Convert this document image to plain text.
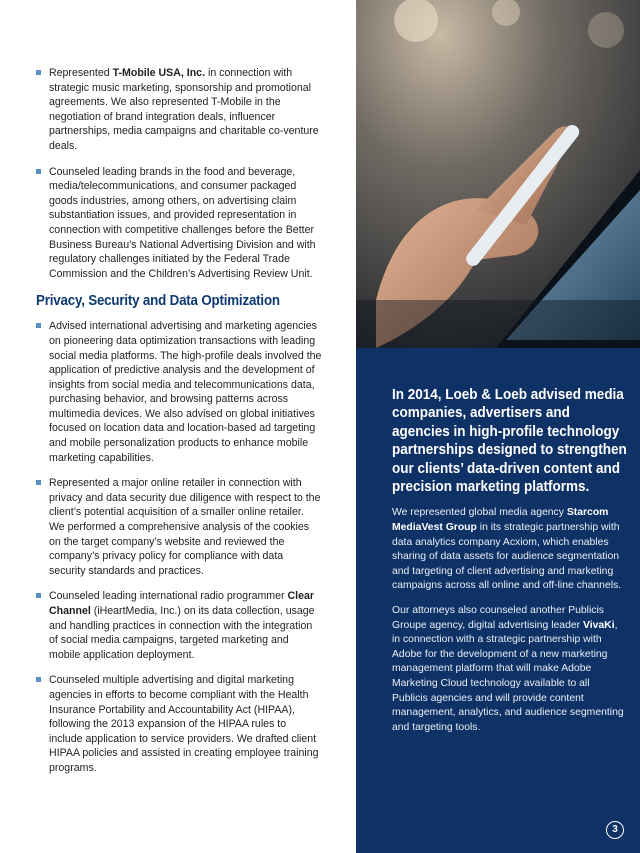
Represented T-Mobile USA, Inc. in connection with strategic music marketing, sponsorship and promotional agreements. We also represented T-Mobile in the negotiation of brand integration deals, influencer partnerships, media campaigns and charitable co-venture deals.
Counseled leading brands in the food and beverage, media/telecommunications, and consumer packaged goods industries, among others, on advertising claim substantiation issues, and provided representation in connection with competitive challenges before the Better Business Bureau’s National Advertising Division and with regulatory challenges initiated by the Federal Trade Commission and the Children’s Advertising Review Unit.
Privacy, Security and Data Optimization
Advised international advertising and marketing agencies on pioneering data optimization transactions with leading social media platforms. The high-profile deals involved the application of predictive analysis and the development of insights from social media and telecommunications data, purchasing behavior, and browsing patterns across multimedia devices. We also advised on global initiatives focused on location data and location-based ad targeting and mobile personalization products to enhance mobile marketing capabilities.
Represented a major online retailer in connection with privacy and data security due diligence with respect to the client’s potential acquisition of a smaller online retailer. We performed a comprehensive analysis of the cookies on the target company’s website and reviewed the company’s privacy policy for compliance with data security standards and practices.
Counseled leading international radio programmer Clear Channel (iHeartMedia, Inc.) on its data collection, usage and handling practices in connection with the integration of social media campaigns, targeted marketing and mobile application deployment.
Counseled multiple advertising and digital marketing agencies in efforts to become compliant with the Health Insurance Portability and Accountability Act (HIPAA), following the 2013 expansion of the HIPAA rules to include application to service providers. We drafted client HIPAA policies and assisted in creating employee training programs.
In 2014, Loeb & Loeb advised media companies, advertisers and agencies in high-profile technology partnerships designed to strengthen our clients’ data-driven content and precision marketing platforms.

We represented global media agency Starcom MediaVest Group in its strategic partnership with data analytics company Acxiom, which enables sharing of data assets for audience segmentation and targeting of client advertising and marketing campaigns across all online and off-line channels.

Our attorneys also counseled another Publicis Groupe agency, digital advertising leader VivaKi, in connection with a strategic partnership with Adobe for the development of a new marketing management platform that will make Adobe Marketing Cloud technology available to all Publicis agencies and will provide content management, analytics, and audience segmenting and targeting tools.

3
